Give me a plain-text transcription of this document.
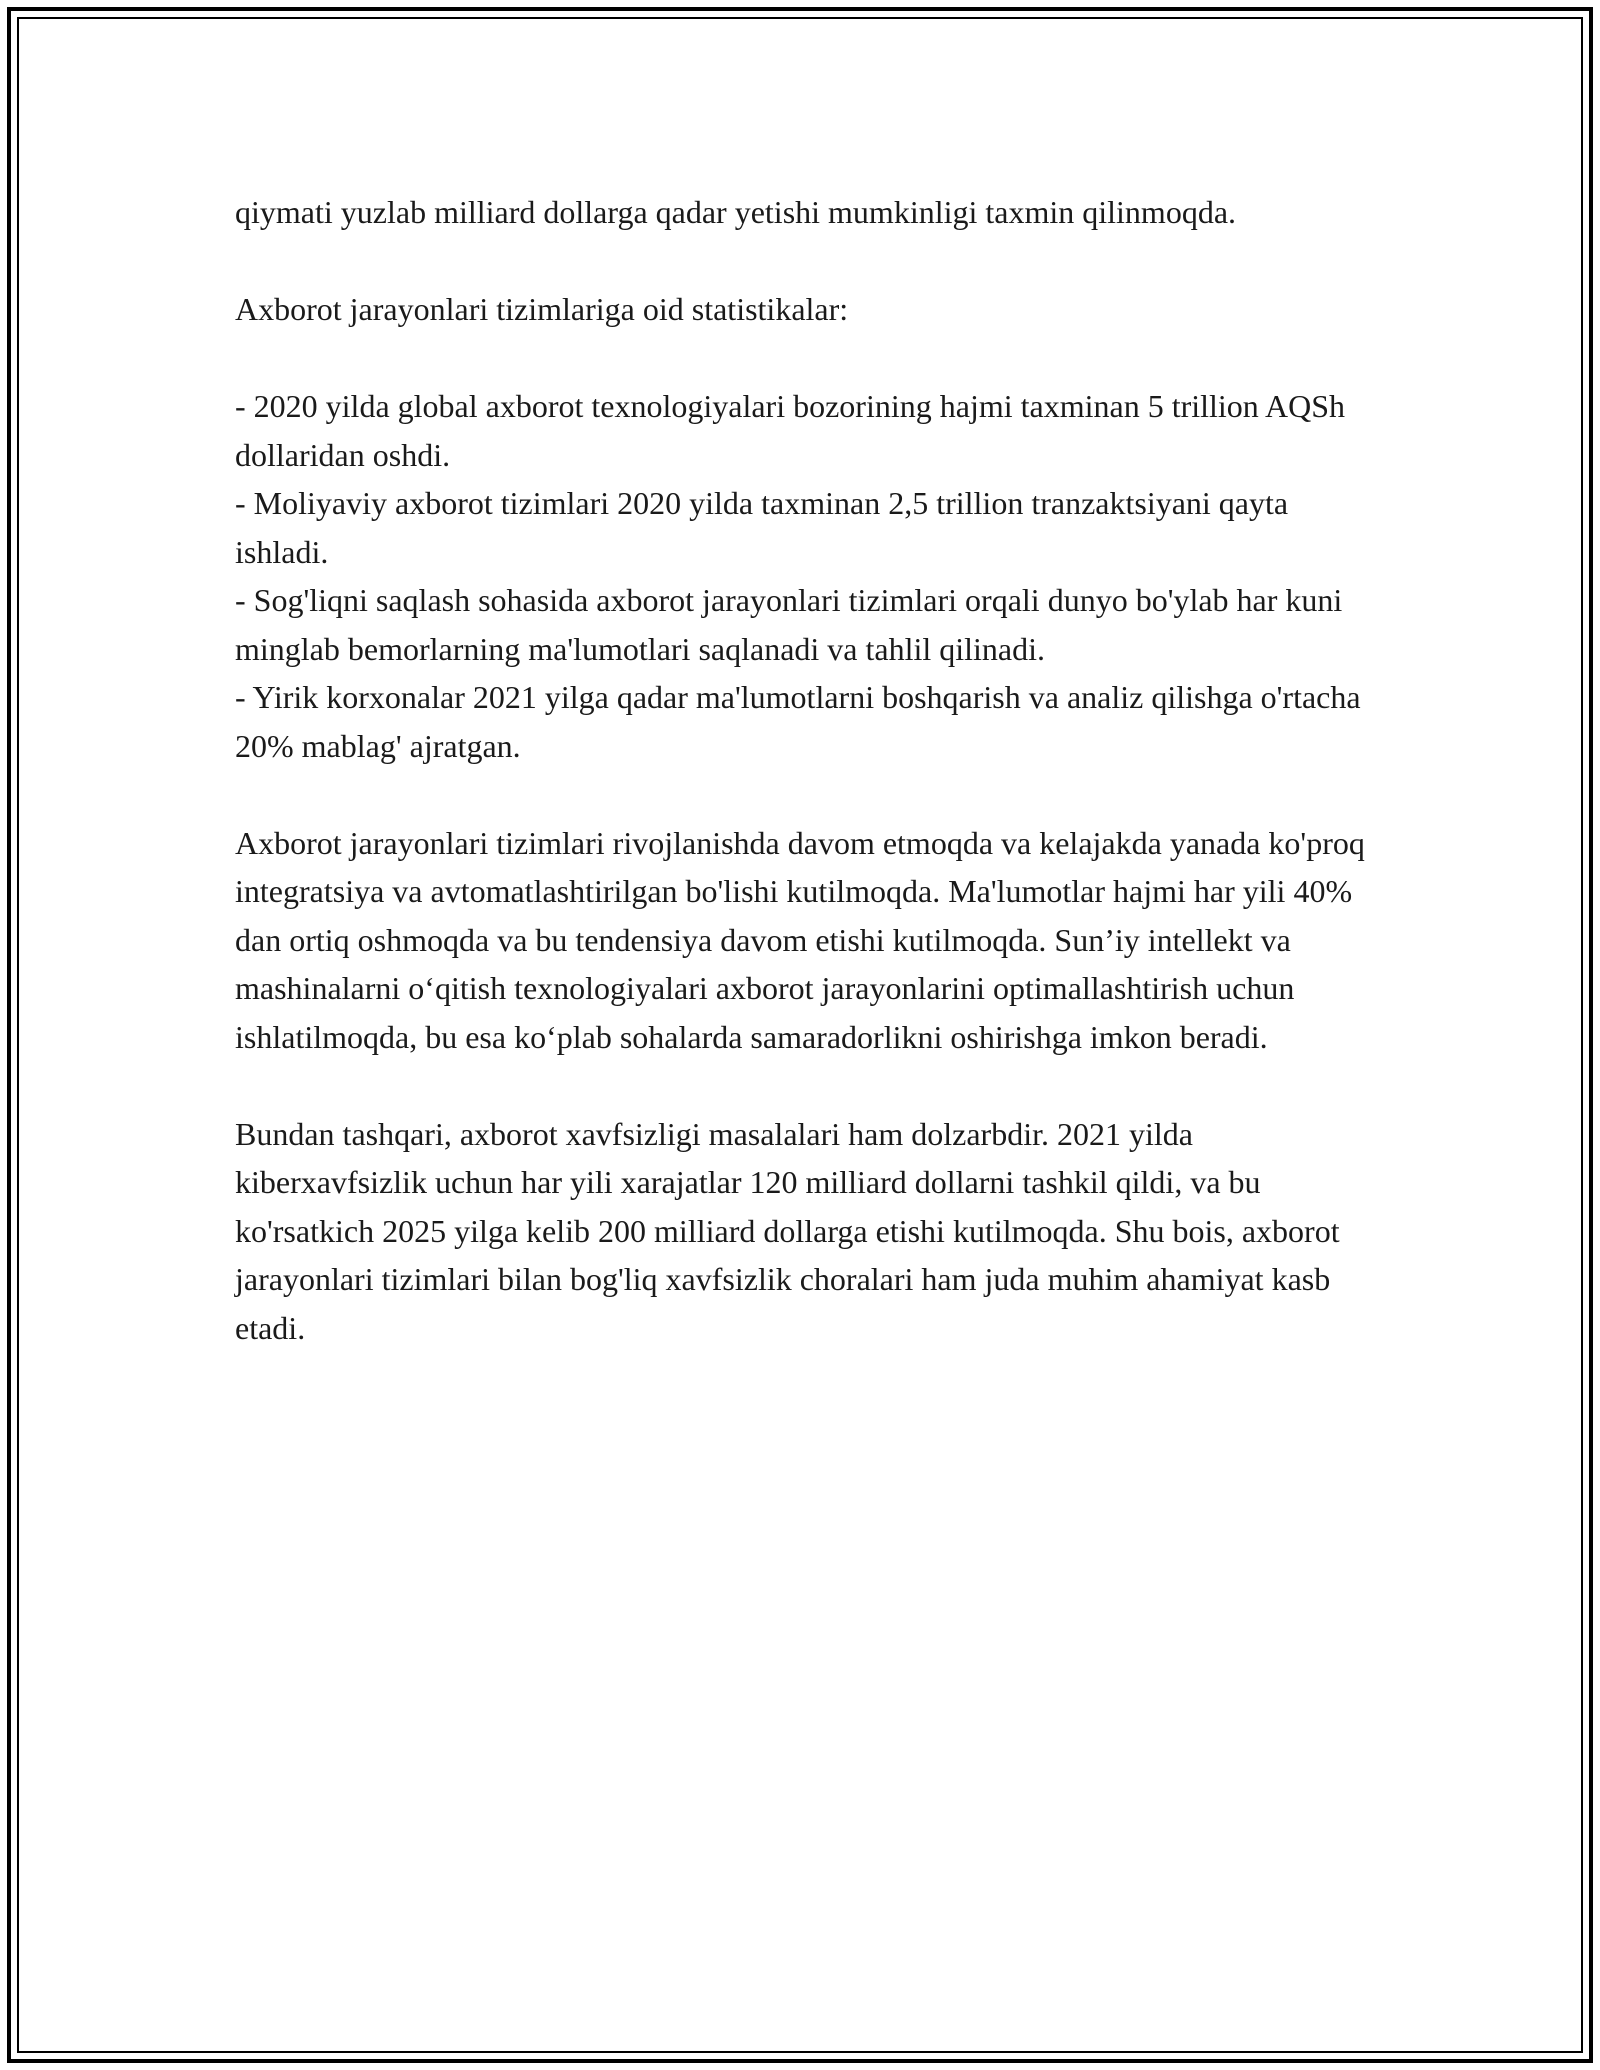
qiymati yuzlab milliard dollarga qadar yetishi mumkinligi taxmin qilinmoqda.

Axborot jarayonlari tizimlariga oid statistikalar:

- 2020 yilda global axborot texnologiyalari bozorining hajmi taxminan 5 trillion AQSh dollaridan oshdi.

- Moliyaviy axborot tizimlari 2020 yilda taxminan 2,5 trillion tranzaktsiyani qayta ishladi.

- Sog'liqni saqlash sohasida axborot jarayonlari tizimlari orqali dunyo bo'ylab har kuni minglab bemorlarning ma'lumotlari saqlanadi va tahlil qilinadi.

- Yirik korxonalar 2021 yilga qadar ma'lumotlarni boshqarish va analiz qilishga o'rtacha 20% mablag' ajratgan.

Axborot jarayonlari tizimlari rivojlanishda davom etmoqda va kelajakda yanada ko'proq integratsiya va avtomatlashtirilgan bo'lishi kutilmoqda. Ma'lumotlar hajmi har yili 40% dan ortiq oshmoqda va bu tendensiya davom etishi kutilmoqda. Sun’iy intellekt va mashinalarni o‘qitish texnologiyalari axborot jarayonlarini optimallashtirish uchun ishlatilmoqda, bu esa ko‘plab sohalarda samaradorlikni oshirishga imkon beradi.

Bundan tashqari, axborot xavfsizligi masalalari ham dolzarbdir. 2021 yilda kiberxavfsizlik uchun har yili xarajatlar 120 milliard dollarni tashkil qildi, va bu ko'rsatkich 2025 yilga kelib 200 milliard dollarga etishi kutilmoqda. Shu bois, axborot jarayonlari tizimlari bilan bog'liq xavfsizlik choralari ham juda muhim ahamiyat kasb etadi.
